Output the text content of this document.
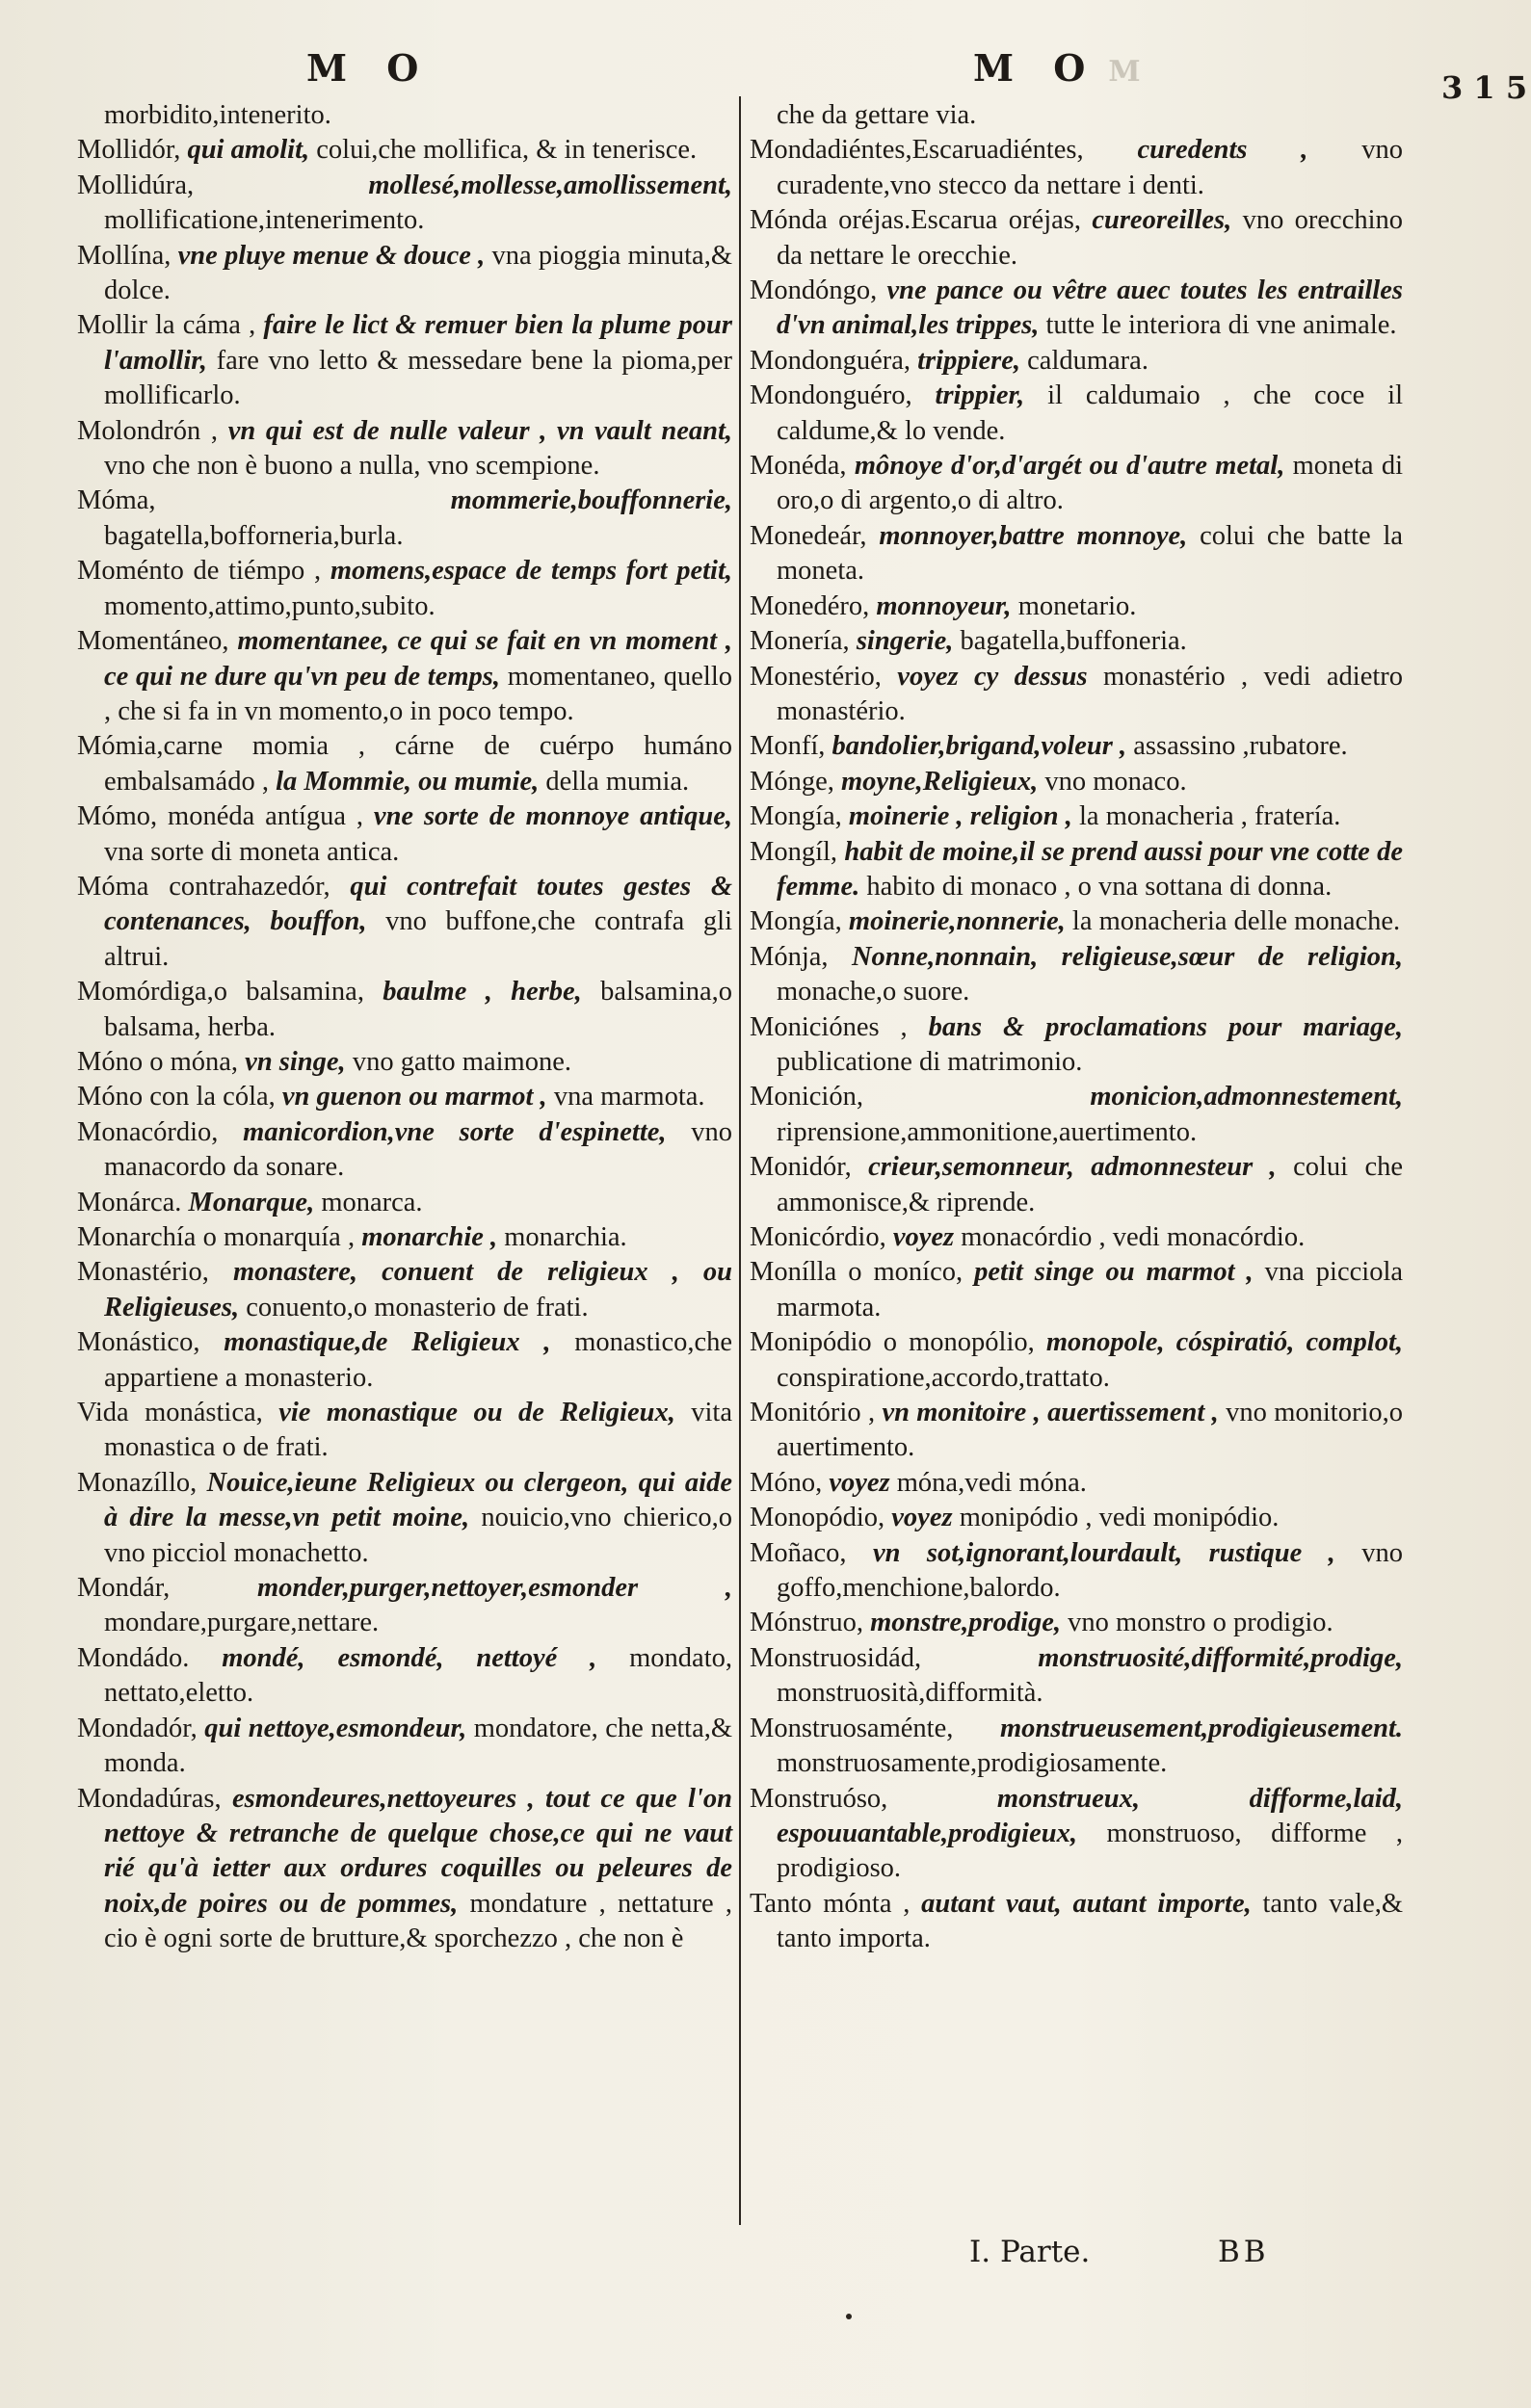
M O	M O M	3 1 5

morbidito,intenerito.

Mollidór, qui amolit, colui,che mollifica, & in tenerisce.

Mollidúra,	mollesé,mollesse,amollissement, mollificatione,intenerimento.

Mollína, vne pluye menue & douce , vna pioggia minuta,& dolce.

Mollir la cáma , faire le lict & remuer bien la plume pour l'amollir, fare vno letto & messedare bene la pioma,per mollificarlo.

Molondrón , vn qui est de nulle valeur , vn vault neant, vno che non è buono a nulla, vno scempione.

Móma,	mommerie,bouffonnerie, bagatella,bofforneria,burla.

Moménto de tiémpo , momens,espace de temps fort petit, momento,attimo,punto,subito.

Momentáneo, momentanee, ce qui se fait en vn moment , ce qui ne dure qu'vn peu de temps, momentaneo, quello , che si fa in vn momento,o in poco tempo.

Mómia,carne momia , cárne de cuérpo humáno embalsamádo , la Mommie, ou mumie, della mumia.

Mómo, monéda antígua , vne sorte de monnoye antique, vna sorte di moneta antica.

Móma contrahazedór, qui contrefait toutes gestes & contenances, bouffon, vno buffone,che contrafa gli altrui.

Momórdiga,o balsamina, baulme , herbe, balsamina,o balsama, herba.

Móno o móna, vn singe, vno gatto maimone.

Móno con la cóla, vn guenon ou marmot , vna marmota.

Monacórdio, manicordion,vne sorte d'espinette, vno manacordo da sonare.

Monárca. Monarque, monarca.

Monarchía o monarquía , monarchie , monarchia.

Monastério, monastere, conuent de religieux , ou Religieuses, conuento,o monasterio de frati.

Monástico, monastique,de Religieux , monastico,che appartiene a monasterio.

Vida monástica, vie monastique ou de Religieux, vita monastica o de frati.

Monazíllo, Nouice,ieune Religieux ou clergeon, qui aide à dire la messe,vn petit moine, nouicio,vno chierico,o vno picciol monachetto.

Mondár,	monder,purger,nettoyer,esmonder , mondare,purgare,nettare.

Mondádo. mondé, esmondé, nettoyé , mondato, nettato,eletto.

Mondadór, qui nettoye,esmondeur, mondatore, che netta,& monda.

Mondadúras, esmondeures,nettoyeures , tout ce que l'on nettoye & retranche de quelque chose,ce qui ne vaut rié qu'à ietter aux ordures coquilles ou peleures de noix,de poires ou de pommes, mondature , nettature , cio è ogni sorte de brutture,& sporchezzo , che non è

che da gettare via.

Mondadiéntes,Escaruadiéntes, curedents , vno curadente,vno stecco da nettare i denti.

Mónda oréjas.Escarua oréjas, cureoreilles, vno orecchino da nettare le orecchie.

Mondóngo, vne pance ou vêtre auec toutes les entrailles d'vn animal,les trippes, tutte le interiora di vne animale.

Mondonguéra, trippiere, caldumara.

Mondonguéro, trippier, il caldumaio , che coce il caldume,& lo vende.

Monéda, mônoye d'or,d'argét ou d'autre metal, moneta di oro,o di argento,o di altro.

Monedeár, monnoyer,battre monnoye, colui che batte la moneta.

Monedéro, monnoyeur, monetario.

Monería, singerie, bagatella,buffoneria.

Monestério, voyez cy dessus monastério , vedi adietro monastério.

Monfí, bandolier,brigand,voleur , assassino ,rubatore.

Mónge, moyne,Religieux, vno monaco.

Mongía, moinerie , religion , la monacheria , fratería.

Mongíl, habit de moine,il se prend aussi pour vne cotte de femme. habito di monaco , o vna sottana di donna.

Mongía, moinerie,nonnerie, la monacheria delle monache.

Mónja, Nonne,nonnain, religieuse,sœur de religion, monache,o suore.

Moniciónes , bans & proclamations pour mariage, publicatione di matrimonio.

Monición,	monicion,admonnestement, riprensione,ammonitione,auertimento.

Monidór, crieur,semonneur, admonnesteur , colui che ammonisce,& riprende.

Monicórdio, voyez monacórdio , vedi monacórdio.

Monílla o moníco, petit singe ou marmot , vna picciola marmota.

Monipódio o monopólio, monopole, cóspiratió, complot, conspiratione,accordo,trattato.

Monitório , vn monitoire , auertissement , vno monitorio,o auertimento.

Móno, voyez móna,vedi móna.

Monopódio, voyez monipódio , vedi monipódio.

Moñaco, vn sot,ignorant,lourdault, rustique , vno goffo,menchione,balordo.

Mónstruo, monstre,prodige, vno monstro o prodigio.

Monstruosidád,	monstruosité,difformité,prodige, monstruosità,difformità.

Monstruosaménte, monstrueusement,prodigieusement. monstruosamente,prodigiosamente.

Monstruóso,	monstrueux, difforme,laid, espouuantable,prodigieux, monstruoso, difforme , prodigioso.

Tanto mónta , autant vaut, autant importe, tanto vale,& tanto importa.

I. Parte.	BB
